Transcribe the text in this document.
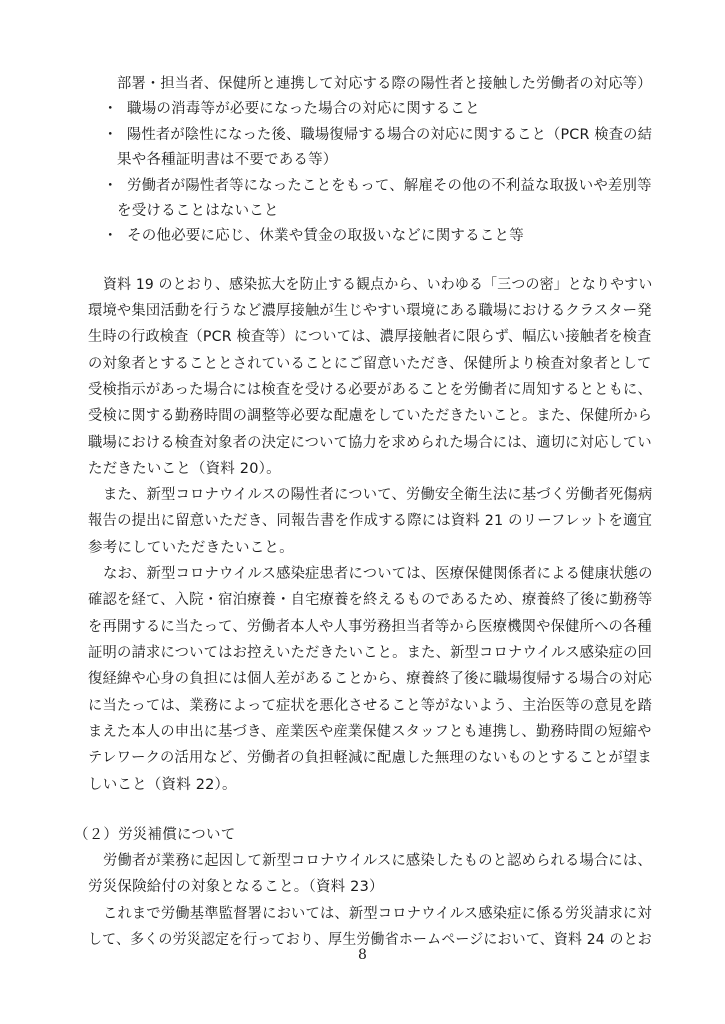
部署・担当者、保健所と連携して対応する際の陽性者と接触した労働者の対応等）

・ 職場の消毒等が必要になった場合の対応に関すること

・ 陽性者が陰性になった後、職場復帰する場合の対応に関すること（PCR 検査の結

果や各種証明書は不要である等）

・ 労働者が陽性者等になったことをもって、解雇その他の不利益な取扱いや差別等

を受けることはないこと

・ その他必要に応じ、休業や賃金の取扱いなどに関すること等

資料 19 のとおり、感染拡大を防止する観点から、いわゆる「三つの密」となりやすい

環境や集団活動を行うなど濃厚接触が生じやすい環境にある職場におけるクラスター発

生時の行政検査（PCR 検査等）については、濃厚接触者に限らず、幅広い接触者を検査

の対象者とすることとされていることにご留意いただき、保健所より検査対象者として

受検指示があった場合には検査を受ける必要があることを労働者に周知するとともに、

受検に関する勤務時間の調整等必要な配慮をしていただきたいこと。また、保健所から

職場における検査対象者の決定について協力を求められた場合には、適切に対応してい

ただきたいこと（資料 20）。

また、新型コロナウイルスの陽性者について、労働安全衛生法に基づく労働者死傷病

報告の提出に留意いただき、同報告書を作成する際には資料 21 のリーフレットを適宜

参考にしていただきたいこと。

なお、新型コロナウイルス感染症患者については、医療保健関係者による健康状態の

確認を経て、入院・宿泊療養・自宅療養を終えるものであるため、療養終了後に勤務等

を再開するに当たって、労働者本人や人事労務担当者等から医療機関や保健所への各種

証明の請求についてはお控えいただきたいこと。また、新型コロナウイルス感染症の回

復経緯や心身の負担には個人差があることから、療養終了後に職場復帰する場合の対応

に当たっては、業務によって症状を悪化させること等がないよう、主治医等の意見を踏

まえた本人の申出に基づき、産業医や産業保健スタッフとも連携し、勤務時間の短縮や

テレワークの活用など、労働者の負担軽減に配慮した無理のないものとすることが望ま

しいこと（資料 22）。

（２）労災補償について

労働者が業務に起因して新型コロナウイルスに感染したものと認められる場合には、

労災保険給付の対象となること。（資料 23）

これまで労働基準監督署においては、新型コロナウイルス感染症に係る労災請求に対

して、多くの労災認定を行っており、厚生労働省ホームページにおいて、資料 24 のとお

8
